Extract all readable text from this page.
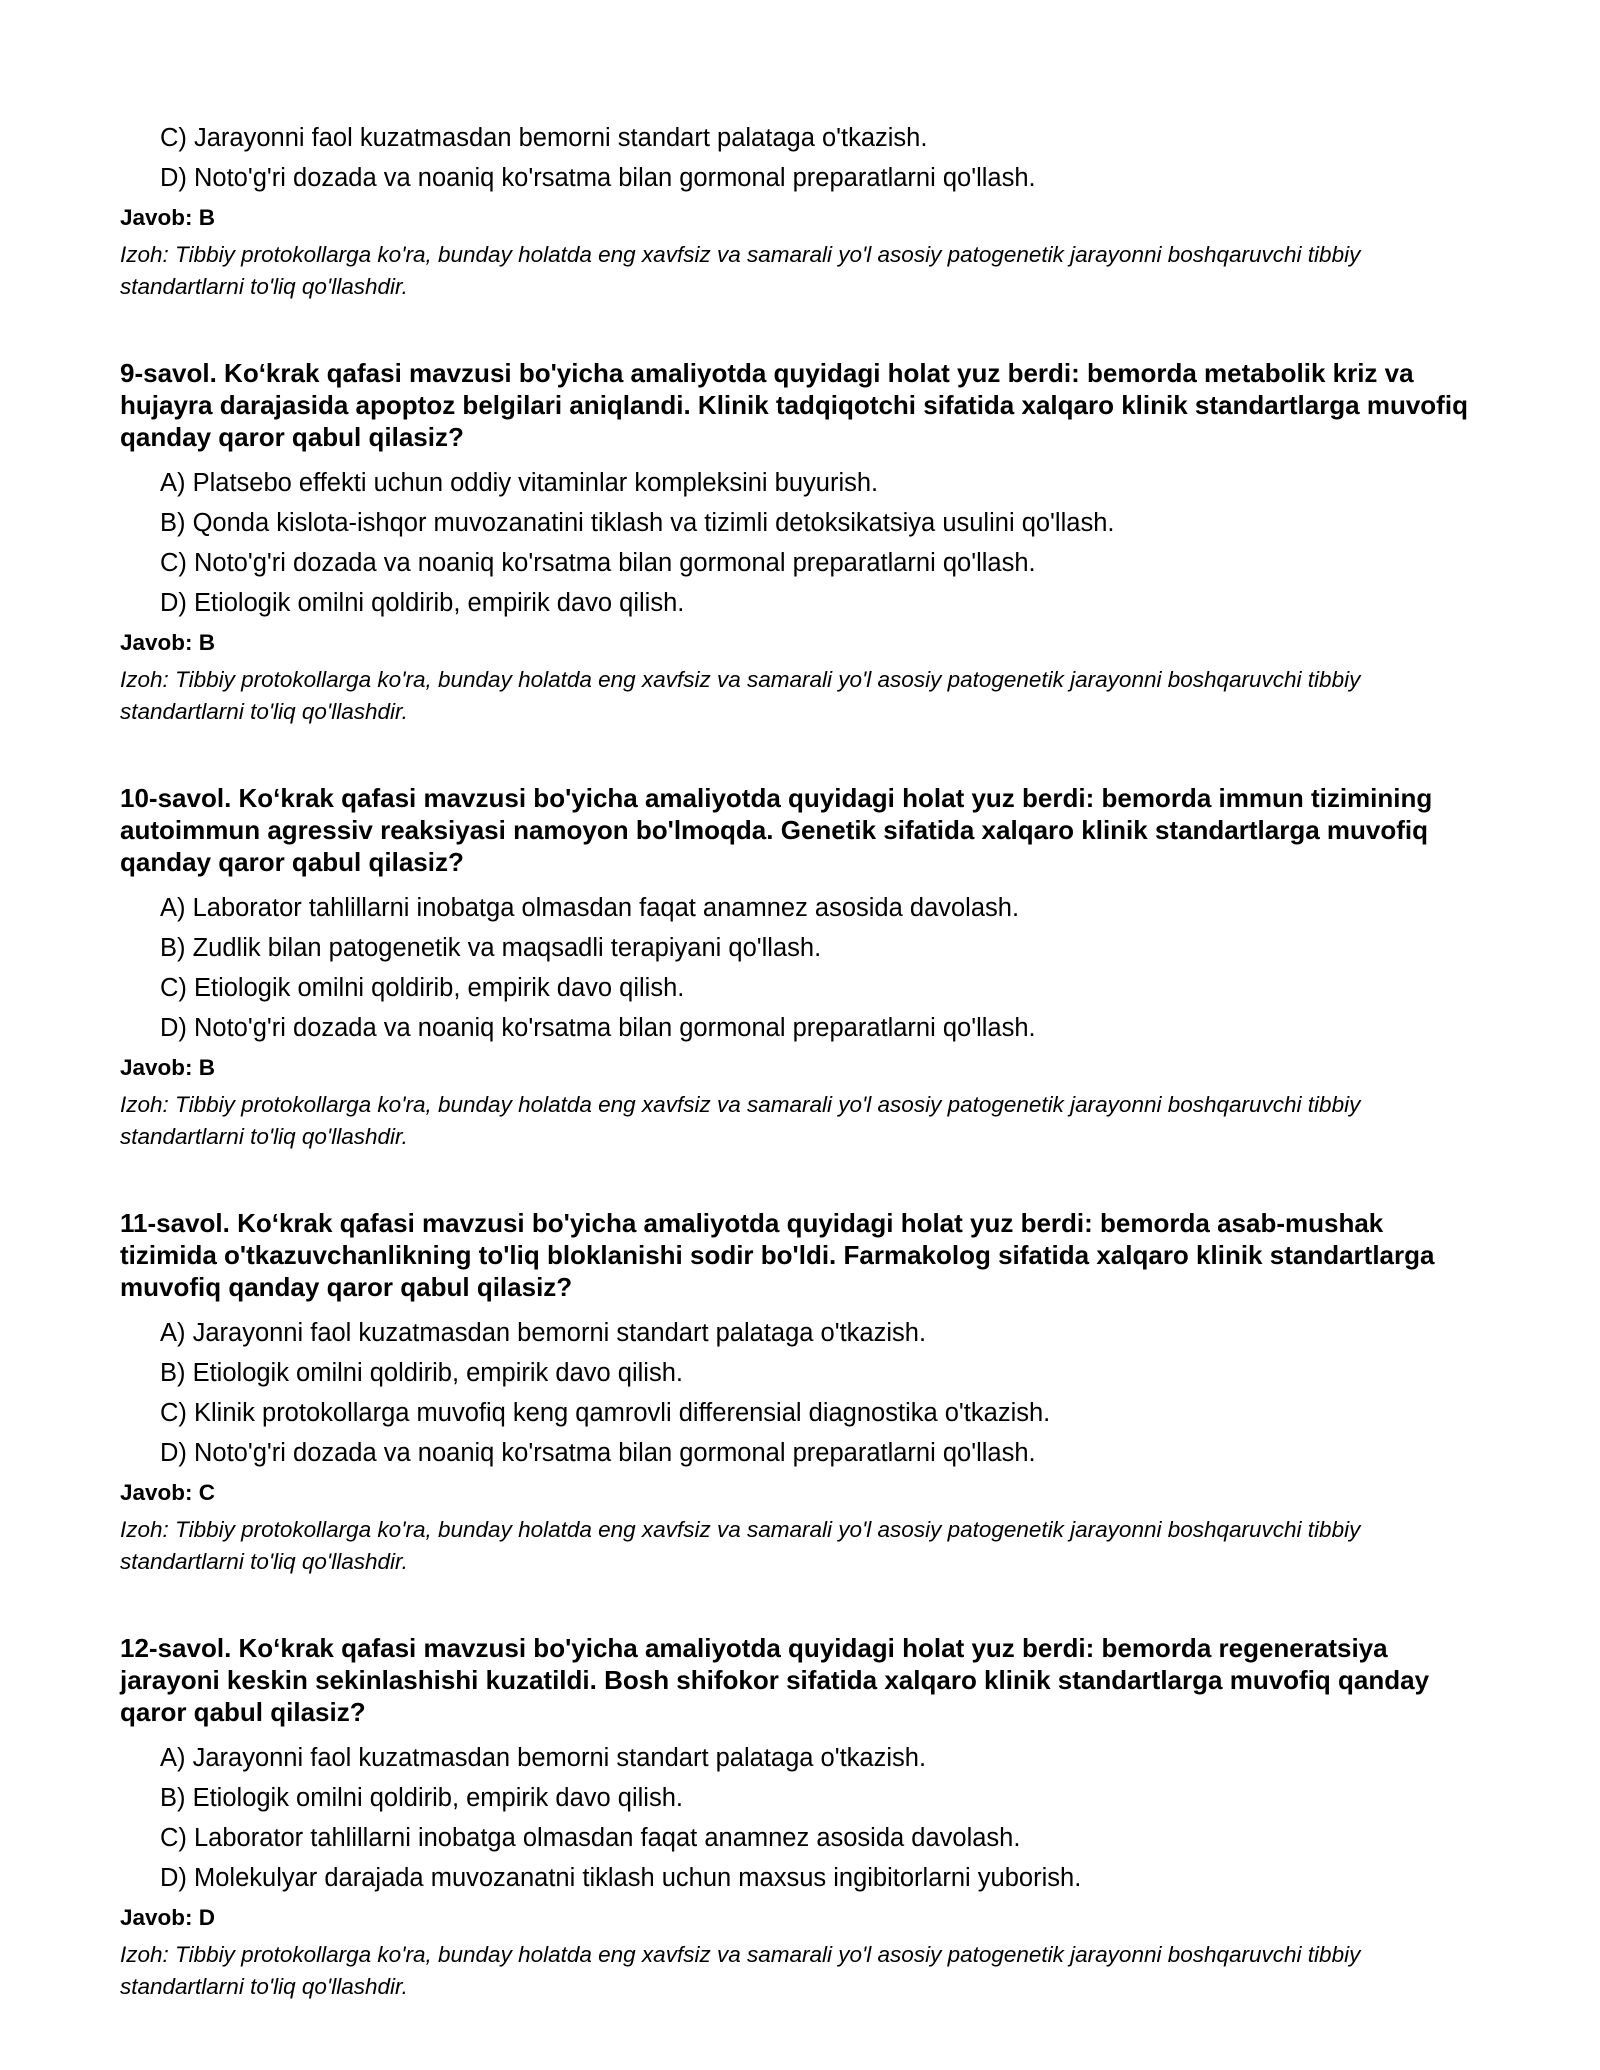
C) Jarayonni faol kuzatmasdan bemorni standart palataga o'tkazish.
D) Noto'g'ri dozada va noaniq ko'rsatma bilan gormonal preparatlarni qo'llash.
Javob: B
Izoh: Tibbiy protokollarga ko'ra, bunday holatda eng xavfsiz va samarali yo'l asosiy patogenetik jarayonni boshqaruvchi tibbiy standartlarni to'liq qo'llashdir.
9-savol. Ko‘krak qafasi mavzusi bo'yicha amaliyotda quyidagi holat yuz berdi: bemorda metabolik kriz va hujayra darajasida apoptoz belgilari aniqlandi. Klinik tadqiqotchi sifatida xalqaro klinik standartlarga muvofiq qanday qaror qabul qilasiz?
A) Platsebo effekti uchun oddiy vitaminlar kompleksini buyurish.
B) Qonda kislota-ishqor muvozanatini tiklash va tizimli detoksikatsiya usulini qo'llash.
C) Noto'g'ri dozada va noaniq ko'rsatma bilan gormonal preparatlarni qo'llash.
D) Etiologik omilni qoldirib, empirik davo qilish.
Javob: B
Izoh: Tibbiy protokollarga ko'ra, bunday holatda eng xavfsiz va samarali yo'l asosiy patogenetik jarayonni boshqaruvchi tibbiy standartlarni to'liq qo'llashdir.
10-savol. Ko‘krak qafasi mavzusi bo'yicha amaliyotda quyidagi holat yuz berdi: bemorda immun tizimining autoimmun agressiv reaksiyasi namoyon bo'lmoqda. Genetik sifatida xalqaro klinik standartlarga muvofiq qanday qaror qabul qilasiz?
A) Laborator tahlillarni inobatga olmasdan faqat anamnez asosida davolash.
B) Zudlik bilan patogenetik va maqsadli terapiyani qo'llash.
C) Etiologik omilni qoldirib, empirik davo qilish.
D) Noto'g'ri dozada va noaniq ko'rsatma bilan gormonal preparatlarni qo'llash.
Javob: B
Izoh: Tibbiy protokollarga ko'ra, bunday holatda eng xavfsiz va samarali yo'l asosiy patogenetik jarayonni boshqaruvchi tibbiy standartlarni to'liq qo'llashdir.
11-savol. Ko‘krak qafasi mavzusi bo'yicha amaliyotda quyidagi holat yuz berdi: bemorda asab-mushak tizimida o'tkazuvchanlikning to'liq bloklanishi sodir bo'ldi. Farmakolog sifatida xalqaro klinik standartlarga muvofiq qanday qaror qabul qilasiz?
A) Jarayonni faol kuzatmasdan bemorni standart palataga o'tkazish.
B) Etiologik omilni qoldirib, empirik davo qilish.
C) Klinik protokollarga muvofiq keng qamrovli differensial diagnostika o'tkazish.
D) Noto'g'ri dozada va noaniq ko'rsatma bilan gormonal preparatlarni qo'llash.
Javob: C
Izoh: Tibbiy protokollarga ko'ra, bunday holatda eng xavfsiz va samarali yo'l asosiy patogenetik jarayonni boshqaruvchi tibbiy standartlarni to'liq qo'llashdir.
12-savol. Ko‘krak qafasi mavzusi bo'yicha amaliyotda quyidagi holat yuz berdi: bemorda regeneratsiya jarayoni keskin sekinlashishi kuzatildi. Bosh shifokor sifatida xalqaro klinik standartlarga muvofiq qanday qaror qabul qilasiz?
A) Jarayonni faol kuzatmasdan bemorni standart palataga o'tkazish.
B) Etiologik omilni qoldirib, empirik davo qilish.
C) Laborator tahlillarni inobatga olmasdan faqat anamnez asosida davolash.
D) Molekulyar darajada muvozanatni tiklash uchun maxsus ingibitorlarni yuborish.
Javob: D
Izoh: Tibbiy protokollarga ko'ra, bunday holatda eng xavfsiz va samarali yo'l asosiy patogenetik jarayonni boshqaruvchi tibbiy standartlarni to'liq qo'llashdir.
